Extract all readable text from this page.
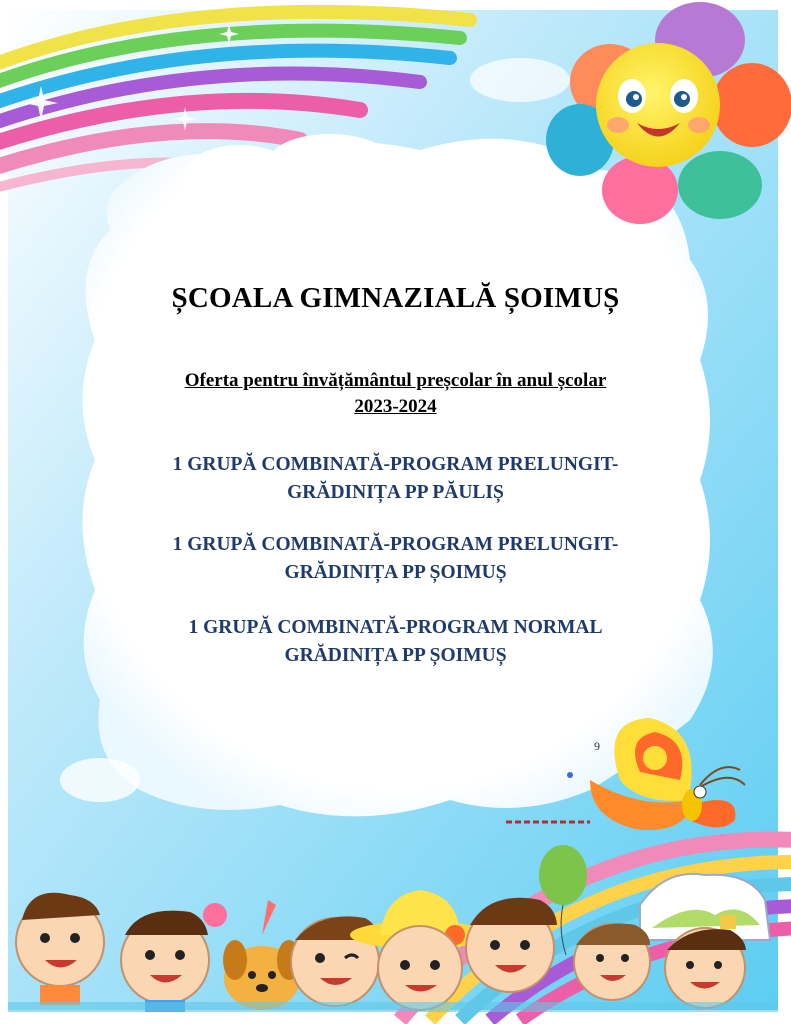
9
ȘCOALA GIMNAZIALĂ ȘOIMUȘ
Oferta pentru învățământul preșcolar în anul școlar
2023-2024
1 GRUPĂ COMBINATĂ-PROGRAM PRELUNGIT-
GRĂDINIȚA PP PĂULIȘ
1 GRUPĂ COMBINATĂ-PROGRAM PRELUNGIT-
GRĂDINIȚA PP ȘOIMUȘ
1 GRUPĂ COMBINATĂ-PROGRAM NORMAL
GRĂDINIȚA PP ȘOIMUȘ
